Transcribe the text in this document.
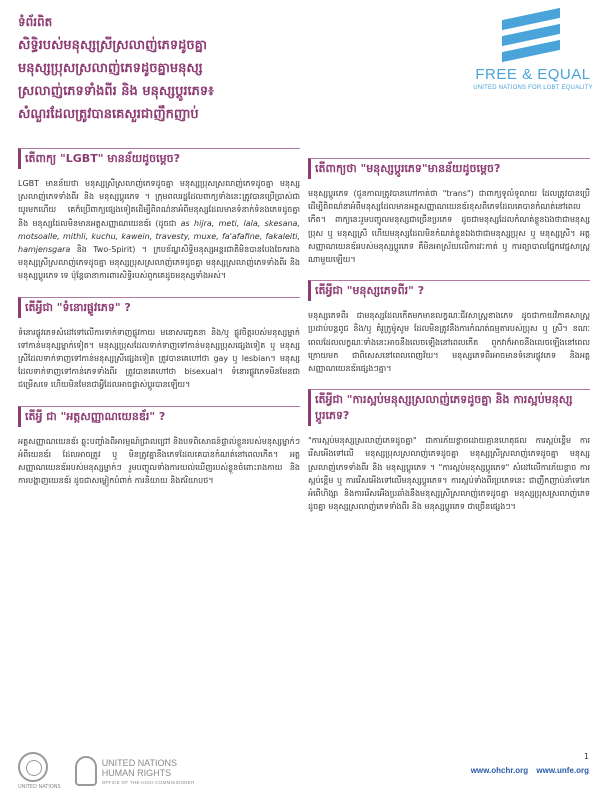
ទំព័រពិត
សិទ្ធិរបស់មនុស្សស្រីស្រលាញ់ភេទដូចគ្នា
មនុស្សប្រុសស្រលាញ់ភេទដូចគ្នាមនុស្ស
ស្រលាញ់ភេទទាំងពីរ និង មនុស្សប្ដូរភេទ៖
សំណួរដែលត្រូវបានគេសួរជាញឹកញាប់
FREE & EQUAL
UNITED NATIONS FOR LGBT EQUALITY
តើពាក្យ "LGBT" មានន័យដូចម្ដេច?
LGBT មានន័យថា មនុស្សស្រីស្រលាញ់ភេទដូចគ្នា មនុស្សប្រុសស្រលាញ់ភេទដូចគ្នា មនុស្សស្រលាញ់ភេទទាំងពីរ និង មនុស្សប្ដូរភេទ ។ ក្រុមពលរដ្ឋដែលពាក្យទាំងនេះត្រូវបានប្រើប្រាស់ជាយូរមកហើយ គេក៏ប្រើពាក្យផ្សេងទៀតដើម្បីពិពណ៌នាអំពីមនុស្សដែលមានទំនាក់ទំនងភេទដូចគ្នា និង មនុស្សដែលមិនមានអត្តសញ្ញាណយេនឌ័រ (ដូចជា as hijra, meti, lala, skesana, motsoalle, mithli, kuchu, kawein, travesty, muxe, fa'afafine, fakaleiti, hamjensgara និង Two-Spirit) ។ ក្របខ័ណ្ឌសិទ្ធិមនុស្សអន្តរជាតិមិនបានបែងចែករវាងមនុស្សស្រីស្រលាញ់ភេទដូចគ្នា មនុស្សប្រុសស្រលាញ់ភេទដូចគ្នា មនុស្សស្រលាញ់ភេទទាំងពីរ និង មនុស្សប្ដូរភេទ ទេ ប៉ុន្តែធានាការពារសិទ្ធិរបស់ពួកគេដូចមនុស្សទាំងអស់។
តើអ្វីជា "ទំនោរផ្លូវភេទ" ?
ទំនោរផ្លូវភេទសំដៅទៅលើការទាក់ទាញផ្លូវកាយ មនោសញ្ចេតនា និង/ឬ ផ្លូវចិត្តរបស់មនុស្សម្នាក់ទៅកាន់មនុស្សម្នាក់ទៀត។ មនុស្សប្រុសដែលទាក់ទាញទៅកាន់មនុស្សប្រុសផ្សេងទៀត ឬ មនុស្សស្រីដែលទាក់ទាញទៅកាន់មនុស្សស្រីផ្សេងទៀត ត្រូវបានគេហៅថា gay ឬ lesbian។ មនុស្សដែលទាក់ទាញទៅកាន់ភេទទាំងពីរ ត្រូវបានគេហៅថា bisexual។ ទំនោរផ្លូវភេទមិនមែនជាជម្រើសទេ ហើយមិនមែនជាអ្វីដែលអាចផ្លាស់ប្ដូរបានឡើយ។
តើអ្វី ជា "អត្តសញ្ញាណយេនឌ័រ" ?
អត្តសញ្ញាណយេនឌ័រ ឆ្លុះបញ្ចាំងពីអារម្មណ៍ជ្រាលជ្រៅ និងបទពិសោធន៍ផ្ទាល់ខ្លួនរបស់មនុស្សម្នាក់ៗអំពីយេនឌ័រ ដែលអាចត្រូវ ឬ មិនត្រូវគ្នានឹងភេទដែលគេបានកំណត់នៅពេលកើត។ អត្តសញ្ញាណយេនឌ័ររបស់មនុស្សម្នាក់ៗ រួមបញ្ចូលទាំងការយល់ឃើញរបស់ខ្លួនចំពោះរាងកាយ និងការបង្ហាញយេនឌ័រ ដូចជាសម្លៀកបំពាក់ ការនិយាយ និងឥរិយាបថ។
តើពាក្យថា "មនុស្សប្ដូរភេទ"មានន័យដូចម្ដេច?
មនុស្សប្ដូរភេទ (ជួនកាលត្រូវបានហៅកាត់ថា "trans") ជាពាក្យទូលំទូលាយ ដែលត្រូវបានប្រើ ដើម្បីពិពណ៌នាអំពីមនុស្សដែលមានអត្តសញ្ញាណយេនឌ័រខុសពីភេទដែលគេបានកំណត់នៅពេលកើត។ ពាក្យនេះរួមបញ្ចូលមនុស្សជាច្រើនប្រភេទ ដូចជាមនុស្សដែលកំណត់ខ្លួនឯងថាជាមនុស្សប្រុស ឬ មនុស្សស្រី ហើយមនុស្សដែលមិនកំណត់ខ្លួនឯងថាជាមនុស្សប្រុស ឬ មនុស្សស្រី។ អត្តសញ្ញាណយេនឌ័ររបស់មនុស្សប្ដូរភេទ គឺមិនអាស្រ័យលើការវះកាត់ ឬ ការព្យាបាលផ្នែកវេជ្ជសាស្ត្រណាមួយឡើយ។
តើអ្វីជា "មនុស្សភេទពីរ" ?
មនុស្សភេទពីរ ជាមនុស្សដែលកើតមកមានលក្ខណៈជីវសាស្ត្រខាងភេទ ដូចជាកាយវិភាគសាស្ត្រ ប្រដាប់បន្តពូជ និង/ឬ គំរូក្រូម៉ូសូម ដែលមិនត្រូវនឹងការកំណត់ធម្មតារបស់ប្រុស ឬ ស្រី។ ខណៈពេលដែលលក្ខណៈទាំងនេះអាចនឹងលេចឡើងនៅពេលកើត ពួកវាក៏អាចនឹងលេចឡើងនៅពេលក្រោយមក ជាពិសេសនៅពេលពេញវ័យ។ មនុស្សភេទពីរអាចមានទំនោរផ្លូវភេទ និងអត្តសញ្ញាណយេនឌ័រផ្សេងៗគ្នា។
តើអ្វីជា "ការស្អប់មនុស្សស្រលាញ់ភេទដូចគ្នា និង ការស្អប់មនុស្សប្ដូរភេទ?
"ការស្អប់មនុស្សស្រលាញ់ភេទដូចគ្នា" ជាការភ័យខ្លាចដោយគ្មានហេតុផល ការស្អប់ខ្ពើម ការរើសអើងទៅលើ មនុស្សប្រុសស្រលាញ់ភេទដូចគ្នា មនុស្សស្រីស្រលាញ់ភេទដូចគ្នា មនុស្សស្រលាញ់ភេទទាំងពីរ និង មនុស្សប្ដូរភេទ ។ "ការស្អប់មនុស្សប្ដូរភេទ" សំដៅលើការភ័យខ្លាច ការស្អប់ខ្ពើម ឬ ការរើសអើងទៅលើមនុស្សប្ដូរភេទ។ ការស្អប់ទាំងពីរប្រភេទនេះ ជាញឹកញាប់នាំទៅរកអំពើហិង្សា និងការរើសអើងប្រឆាំងនឹងមនុស្សស្រីស្រលាញ់ភេទដូចគ្នា មនុស្សប្រុសស្រលាញ់ភេទដូចគ្នា មនុស្សស្រលាញ់ភេទទាំងពីរ និង មនុស្សប្ដូរភេទ ជាច្រើនផ្សេងៗ។
UNITED NATIONS
UNITED NATIONS
HUMAN RIGHTS
OFFICE OF THE HIGH COMMISSIONER
1
www.ohchr.org www.unfe.org
